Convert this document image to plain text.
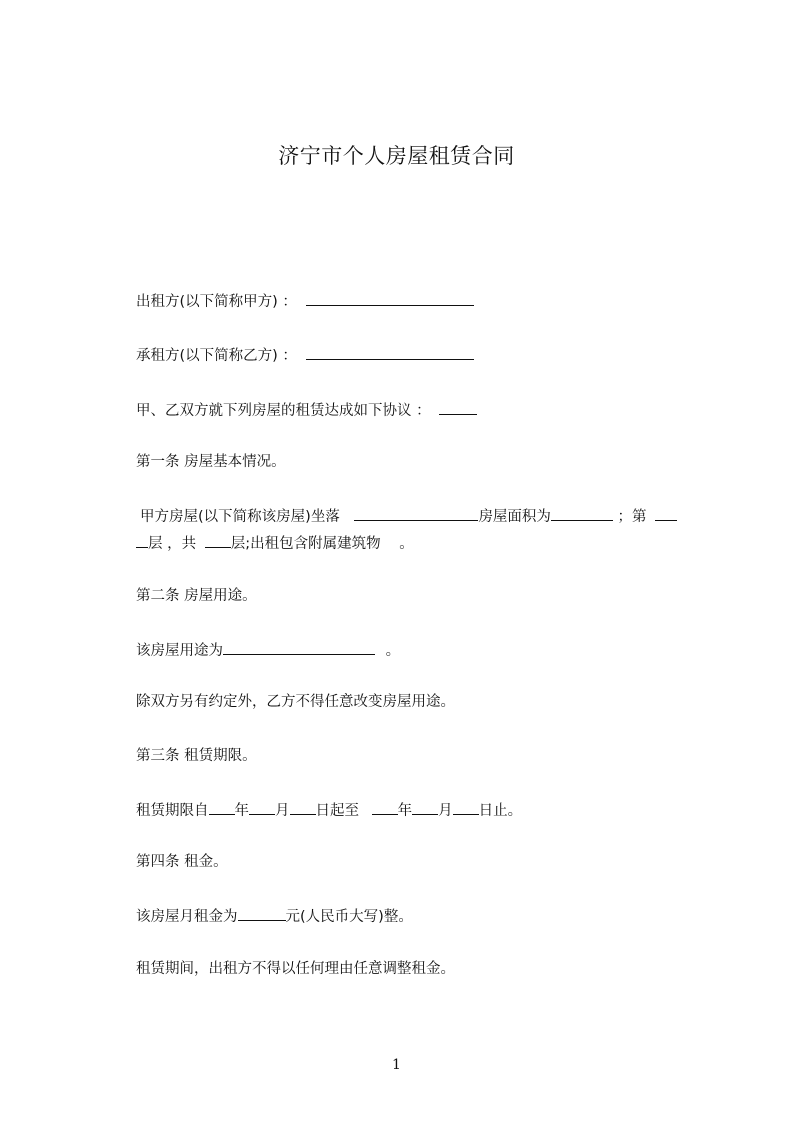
济宁市个人房屋租赁合同
出租方(以下简称甲方) ：
承租方(以下简称乙方) ：
甲、乙双方就下列房屋的租赁达成如下协议 ：
第一条 房屋基本情况。
甲方房屋(以下简称该房屋)坐落	房屋面积为	；第
层 ，共 层;出租包含附属建筑物 。
第二条 房屋用途。
该房屋用途为	。
除双方另有约定外，乙方不得任意改变房屋用途。
第三条 租赁期限。
租赁期限自 年 月 日起至	年 月 日止。
第四条 租金。
该房屋月租金为	元(人民币大写)整。
租赁期间，出租方不得以任何理由任意调整租金。
1
